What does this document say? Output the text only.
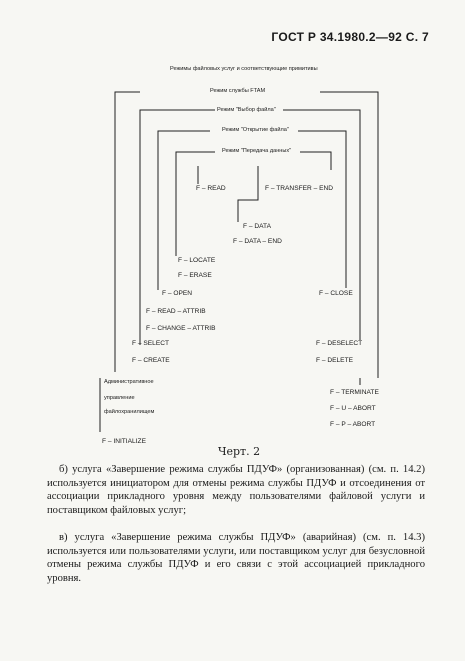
ГОСТ Р 34.1980.2—92 С. 7
Режимы файловых услуг и соответствующие примитивы
Режим службы FTAM
Режим "Выбор файла"
Режим "Открытие файла"
Режим "Передача данных"
F – READ	F – TRANSFER – END
F – DATA
F – DATA – END
F – LOCATE
F – ERASE
F – OPEN	F – CLOSE
F – READ – ATTRIB
F – CHANGE – ATTRIB
F – SELECT	F – DESELECT
F – CREATE	F – DELETE
Административное
управление
файлохранилищем
F – TERMINATE
F – U – ABORT
F – P – ABORT
F – INITIALIZE
Черт. 2
б) услуга «Завершение режима службы ПДУФ» (организованная) (см. п. 14.2) используется инициатором для отмены режима службы ПДУФ и отсоединения от ассоциации прикладного уровня между пользователями файловой услуги и поставщиком файловых услуг;
в) услуга «Завершение режима службы ПДУФ» (аварийная) (см. п. 14.3) используется или пользователями услуги, или поставщиком услуг для безусловной отмены режима службы ПДУФ и его связи с этой ассоциацией прикладного уровня.
